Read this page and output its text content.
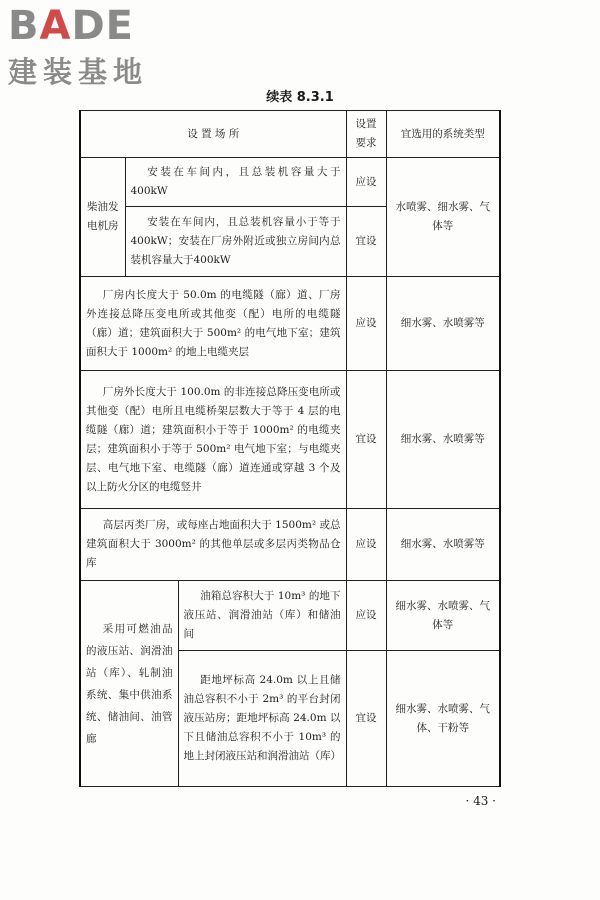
BADE
建装基地
续表 8.3.1
设 置 场 所			设置要求	宜选用的系统类型
柴油发电机房	安装在车间内，且总装机容量大于400kW		应设	水喷雾、细水雾、气体等
	安装在车间内，且总装机容量小于等于400kW；安装在厂房外附近或独立房间内总装机容量大于400kW		宜设	
厂房内长度大于 50.0m 的电缆隧（廊）道、厂房外连接总降压变电所或其他变（配）电所的电缆隧（廊）道；建筑面积大于 500m² 的电气地下室；建筑面积大于 1000m² 的地上电缆夹层			应设	细水雾、水喷雾等
厂房外长度大于 100.0m 的非连接总降压变电所或其他变（配）电所且电缆桥架层数大于等于 4 层的电缆隧（廊）道；建筑面积小于等于 1000m² 的电缆夹层；建筑面积小于等于 500m² 电气地下室；与电缆夹层、电气地下室、电缆隧（廊）道连通或穿越 3 个及以上防火分区的电缆竖井			宜设	细水雾、水喷雾等
高层丙类厂房，或每座占地面积大于 1500m² 或总建筑面积大于 3000m² 的其他单层或多层丙类物品仓库			应设	细水雾、水喷雾等
采用可燃油品的液压站、润滑油站（库）、轧制油系统、集中供油系统、储油间、油管廊		油箱总容积大于 10m³ 的地下液压站、润滑油站（库）和储油间	应设	细水雾、水喷雾、气体等
		距地坪标高 24.0m 以上且储油总容积不小于 2m³ 的平台封闭液压站房；距地坪标高 24.0m 以下且储油总容积不小于 10m³ 的地上封闭液压站和润滑油站（库）	宜设	细水雾、水喷雾、气体、干粉等
· 43 ·
